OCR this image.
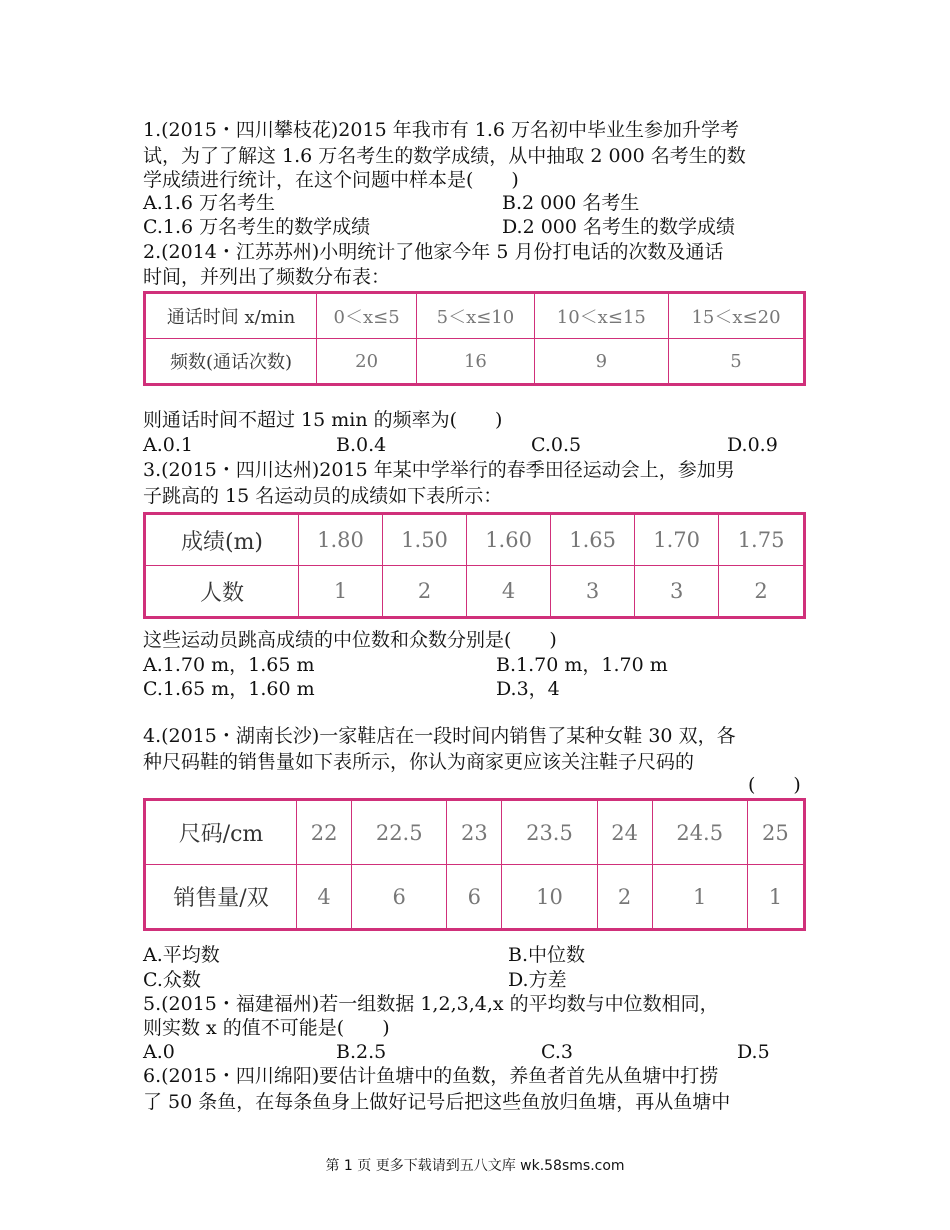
1.(2015・四川攀枝花)2015 年我市有 1.6 万名初中毕业生参加升学考
试，为了了解这 1.6 万名考生的数学成绩，从中抽取 2 000 名考生的数
学成绩进行统计，在这个问题中样本是(　　)
A.1.6 万名考生	B.2 000 名考生
C.1.6 万名考生的数学成绩	D.2 000 名考生的数学成绩
2.(2014・江苏苏州)小明统计了他家今年 5 月份打电话的次数及通话
时间，并列出了频数分布表：
通话时间 x/min	0＜x≤5	5＜x≤10	10＜x≤15	15＜x≤20
频数(通话次数)	20	16	9	5
则通话时间不超过 15 min 的频率为(　　)
A.0.1	B.0.4	C.0.5	D.0.9
3.(2015・四川达州)2015 年某中学举行的春季田径运动会上，参加男
子跳高的 15 名运动员的成绩如下表所示：
成绩(m)	1.80	1.50	1.60	1.65	1.70	1.75
人数	1	2	4	3	3	2
这些运动员跳高成绩的中位数和众数分别是(　　)
A.1.70 m，1.65 m	B.1.70 m，1.70 m
C.1.65 m，1.60 m	D.3，4
4.(2015・湖南长沙)一家鞋店在一段时间内销售了某种女鞋 30 双，各
种尺码鞋的销售量如下表所示，你认为商家更应该关注鞋子尺码的
(　　)
尺码/cm	22	22.5	23	23.5	24	24.5	25
销售量/双	4	6	6	10	2	1	1
A.平均数	B.中位数
C.众数	D.方差
5.(2015・福建福州)若一组数据 1,2,3,4,x 的平均数与中位数相同，
则实数 x 的值不可能是(　　)
A.0	B.2.5	C.3	D.5
6.(2015・四川绵阳)要估计鱼塘中的鱼数，养鱼者首先从鱼塘中打捞
了 50 条鱼，在每条鱼身上做好记号后把这些鱼放归鱼塘，再从鱼塘中
第 1 页 更多下载请到五八文库 wk.58sms.com
